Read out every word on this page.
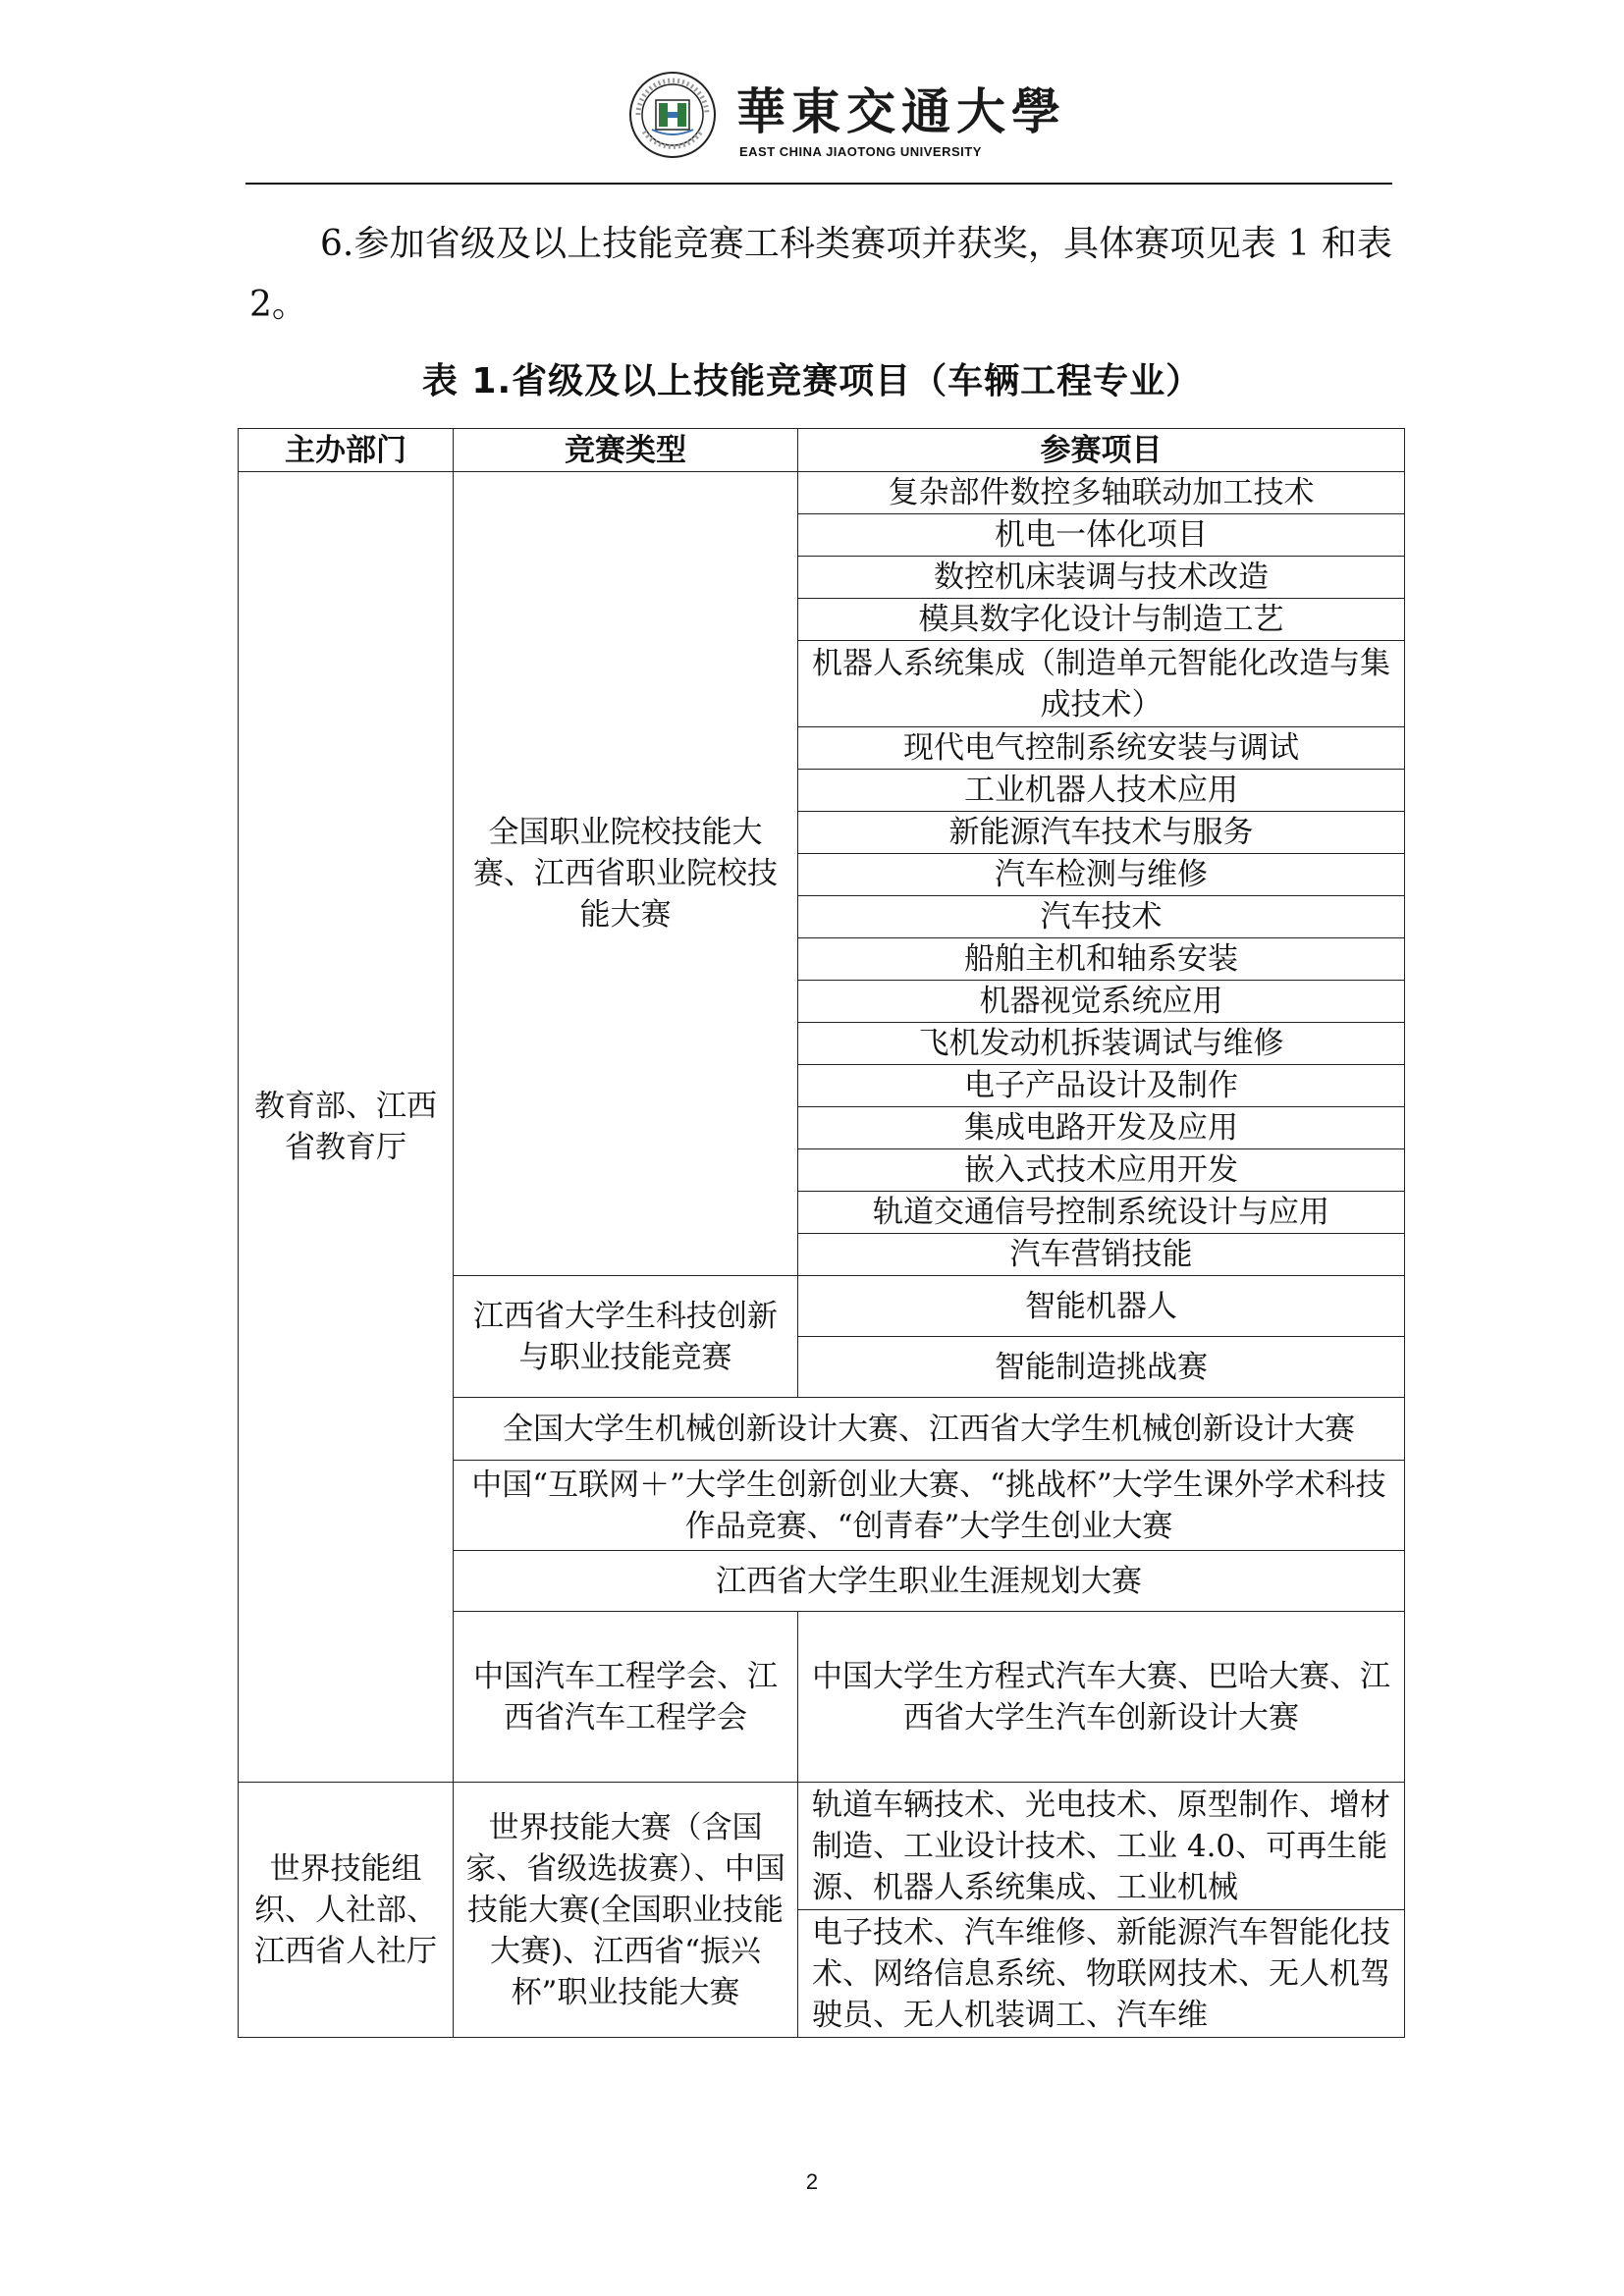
華東交通大學
EAST CHINA JIAOTONG UNIVERSITY

6.参加省级及以上技能竞赛工科类赛项并获奖，具体赛项见表 1 和表 2。

表 1.省级及以上技能竞赛项目（车辆工程专业）
主办部门	竞赛类型	参赛项目
教育部、江西省教育厅	全国职业院校技能大赛、江西省职业院校技能大赛	复杂部件数控多轴联动加工技术
		机电一体化项目
		数控机床装调与技术改造
		模具数字化设计与制造工艺
		机器人系统集成（制造单元智能化改造与集成技术）
		现代电气控制系统安装与调试
		工业机器人技术应用
		新能源汽车技术与服务
		汽车检测与维修
		汽车技术
		船舶主机和轴系安装
		机器视觉系统应用
		飞机发动机拆装调试与维修
		电子产品设计及制作
		集成电路开发及应用
		嵌入式技术应用开发
		轨道交通信号控制系统设计与应用
		汽车营销技能
	江西省大学生科技创新与职业技能竞赛	智能机器人
		智能制造挑战赛
	全国大学生机械创新设计大赛、江西省大学生机械创新设计大赛	
	中国“互联网＋”大学生创新创业大赛、“挑战杯”大学生课外学术科技作品竞赛、“创青春”大学生创业大赛	
	江西省大学生职业生涯规划大赛	
	中国汽车工程学会、江西省汽车工程学会	中国大学生方程式汽车大赛、巴哈大赛、江西省大学生汽车创新设计大赛
世界技能组织、人社部、江西省人社厅	世界技能大赛（含国家、省级选拔赛）、中国技能大赛(全国职业技能大赛)、江西省“振兴杯”职业技能大赛	轨道车辆技术、光电技术、原型制作、增材制造、工业设计技术、工业 4.0、可再生能源、机器人系统集成、工业机械
		电子技术、汽车维修、新能源汽车智能化技术、网络信息系统、物联网技术、无人机驾驶员、无人机装调工、汽车维
2
